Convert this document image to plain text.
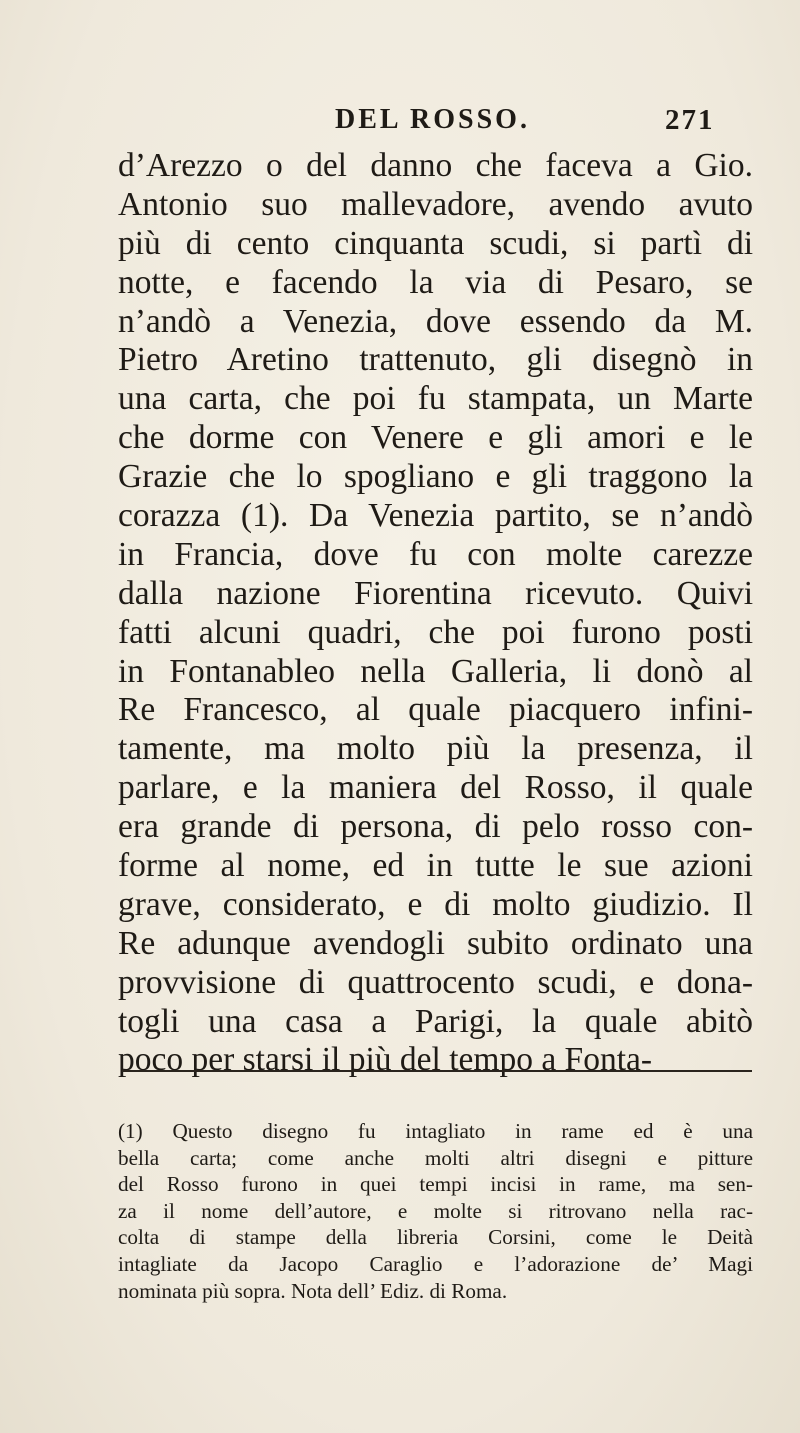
DEL ROSSO.	271
d’Arezzo o del danno che faceva a Gio.
Antonio suo mallevadore, avendo avuto
più di cento cinquanta scudi, si partì di
notte, e facendo la via di Pesaro, se
n’andò a Venezia, dove essendo da M.
Pietro Aretino trattenuto, gli disegnò in
una carta, che poi fu stampata, un Marte
che dorme con Venere e gli amori e le
Grazie che lo spogliano e gli traggono la
corazza (1). Da Venezia partito, se n’andò
in Francia, dove fu con molte carezze
dalla nazione Fiorentina ricevuto. Quivi
fatti alcuni quadri, che poi furono posti
in Fontanableo nella Galleria, li donò al
Re Francesco, al quale piacquero infini-
tamente, ma molto più la presenza, il
parlare, e la maniera del Rosso, il quale
era grande di persona, di pelo rosso con-
forme al nome, ed in tutte le sue azioni
grave, considerato, e di molto giudizio. Il
Re adunque avendogli subito ordinato una
provvisione di quattrocento scudi, e dona-
togli una casa a Parigi, la quale abitò
poco per starsi il più del tempo a Fonta-
(1) Questo disegno fu intagliato in rame ed è una
bella carta; come anche molti altri disegni e pitture
del Rosso furono in quei tempi incisi in rame, ma sen-
za il nome dell’autore, e molte si ritrovano nella rac-
colta di stampe della libreria Corsini, come le Deità
intagliate da Jacopo Caraglio e l’adorazione de’ Magi
nominata più sopra. Nota dell’ Ediz. di Roma.
